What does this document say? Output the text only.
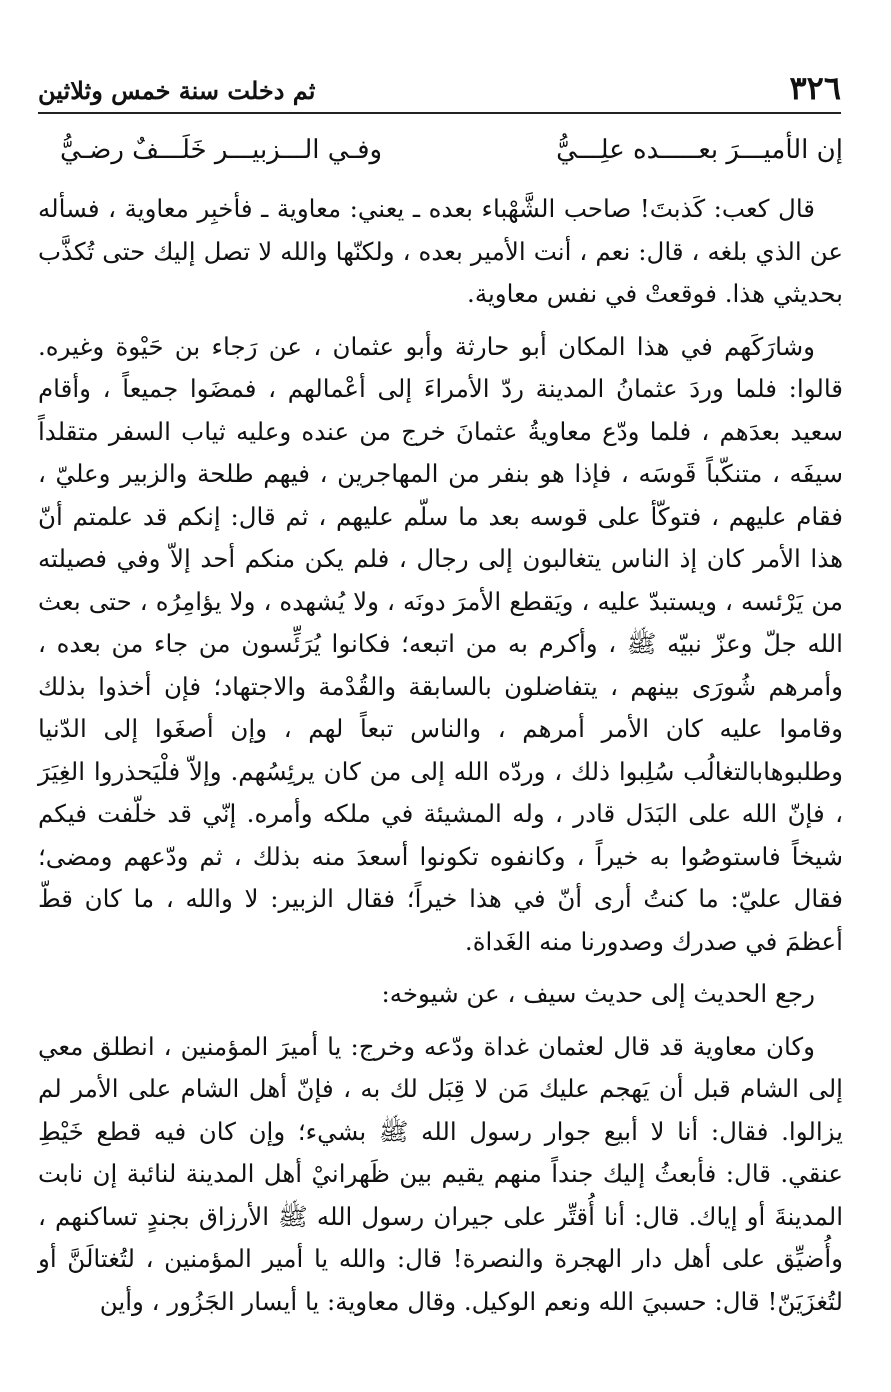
٣٢٦
ثم دخلت سنة خمس وثلاثين
إن الأميـــرَ بعـــــده علِـــيُّ
وفـي الـــزبيـــر خَلَـــفٌ رضـيُّ

قال كعب: كَذبتَ! صاحب الشَّهْباء بعده ـ يعني: معاوية ـ فأخبِر معاوية ، فسأله عن الذي بلغه ، قال: نعم ، أنت الأمير بعده ، ولكنّها والله لا تصل إليك حتى تُكذَّب بحديثي هذا. فوقعتْ في نفس معاوية.

وشارَكَهم في هذا المكان أبو حارثة وأبو عثمان ، عن رَجاء بن حَيْوة وغيره. قالوا: فلما وردَ عثمانُ المدينة ردّ الأمراءَ إلى أعْمالهم ، فمضَوا جميعاً ، وأقام سعيد بعدَهم ، فلما ودّع معاويةُ عثمانَ خرج من عنده وعليه ثياب السفر متقلداً سيفَه ، متنكّباً قَوسَه ، فإذا هو بنفر من المهاجرين ، فيهم طلحة والزبير وعليّ ، فقام عليهم ، فتوكّأ على قوسه بعد ما سلّم عليهم ، ثم قال: إنكم قد علمتم أنّ هذا الأمر كان إذ الناس يتغالبون إلى رجال ، فلم يكن منكم أحد إلاّ وفي فصيلته من يَرْئسه ، ويستبدّ عليه ، ويَقطع الأمرَ دونَه ، ولا يُشهده ، ولا يؤامِرُه ، حتى بعث الله جلّ وعزّ نبيّه ﷺ ، وأكرم به من اتبعه؛ فكانوا يُرَئِّسون من جاء من بعده ، وأمرهم شُورَى بينهم ، يتفاضلون بالسابقة والقُدْمة والاجتهاد؛ فإن أخذوا بذلك وقاموا عليه كان الأمر أمرهم ، والناس تبعاً لهم ، وإن أصغَوا إلى الدّنيا وطلبوهابالتغالُب سُلِبوا ذلك ، وردّه الله إلى من كان يرئِسُهم. وإلاّ فلْيَحذروا الغِيَرَ ، فإنّ الله على البَدَل قادر ، وله المشيئة في ملكه وأمره. إنّي قد خلّفت فيكم شيخاً فاستوصُوا به خيراً ، وكانفوه تكونوا أسعدَ منه بذلك ، ثم ودّعهم ومضى؛ فقال عليّ: ما كنتُ أرى أنّ في هذا خيراً؛ فقال الزبير: لا والله ، ما كان قطّ أعظمَ في صدرك وصدورنا منه الغَداة.

رجع الحديث إلى حديث سيف ، عن شيوخه:

وكان معاوية قد قال لعثمان غداة ودّعه وخرج: يا أميرَ المؤمنين ، انطلق معي إلى الشام قبل أن يَهجم عليك مَن لا قِبَل لك به ، فإنّ أهل الشام على الأمر لم يزالوا. فقال: أنا لا أبيع جوار رسول الله ﷺ بشيء؛ وإن كان فيه قطع خَيْطِ عنقي. قال: فأبعثُ إليك جنداً منهم يقيم بين ظَهرانيْ أهل المدينة لنائبة إن نابت المدينةَ أو إياك. قال: أنا أُقتِّر على جيران رسول الله ﷺ الأرزاق بجندٍ تساكنهم ، وأُضيِّق على أهل دار الهجرة والنصرة! قال: والله يا أمير المؤمنين ، لتُغتالَنَّ أو لتُغزَيَنّ! قال: حسبيَ الله ونعم الوكيل. وقال معاوية: يا أيسار الجَزُور ، وأين
